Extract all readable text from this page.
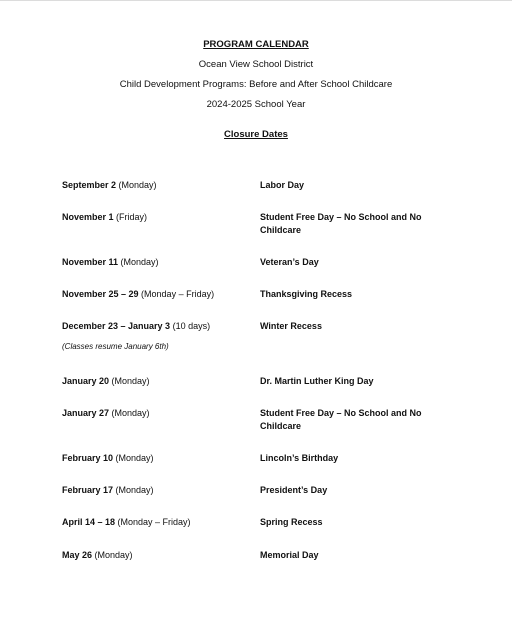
PROGRAM CALENDAR
Ocean View School District
Child Development Programs: Before and After School Childcare
2024-2025 School Year
Closure Dates
September 2 (Monday)	Labor Day
November 1 (Friday)	Student Free Day – No School and No Childcare
November 11 (Monday)	Veteran’s Day
November 25 – 29 (Monday – Friday)	Thanksgiving Recess
December 23 – January 3 (10 days)	Winter Recess
(Classes resume January 6th)
January 20 (Monday)	Dr. Martin Luther King Day
January 27 (Monday)	Student Free Day – No School and No Childcare
February 10 (Monday)	Lincoln’s Birthday
February 17 (Monday)	President’s Day
April 14 – 18 (Monday – Friday)	Spring Recess
May 26 (Monday)	Memorial Day
